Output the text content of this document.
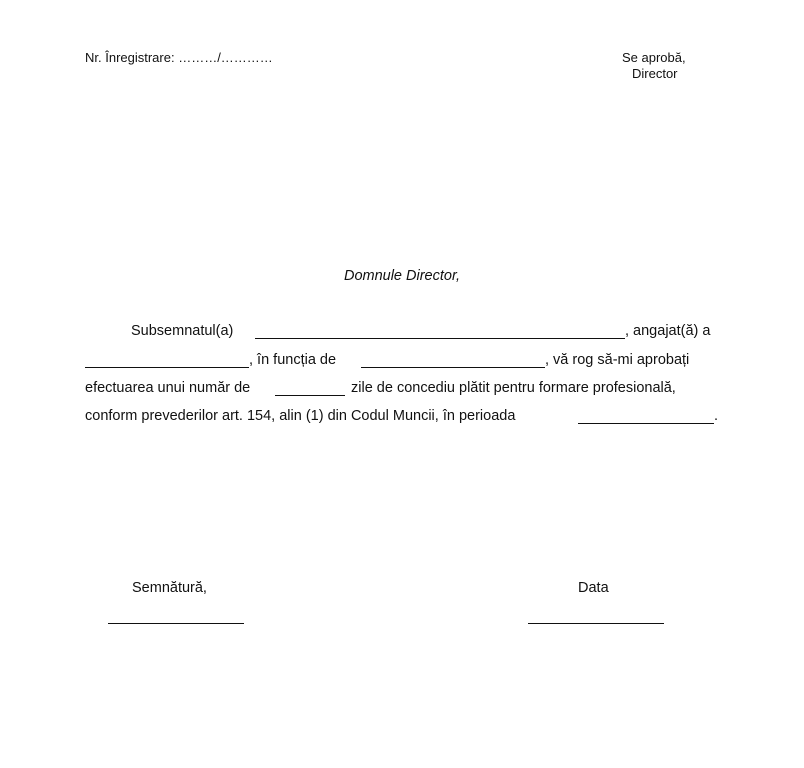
Nr. Înregistrare: ………/…………	Se aprobă,
Director
Domnule Director,
Subsemnatul(a)	, angajat(ă) a
, în funcția de	, vă rog să-mi aprobați
efectuarea unui număr de	zile de concediu plătit pentru formare profesională,
conform prevederilor art. 154, alin (1) din Codul Muncii, în perioada	.
Semnătură,	Data
